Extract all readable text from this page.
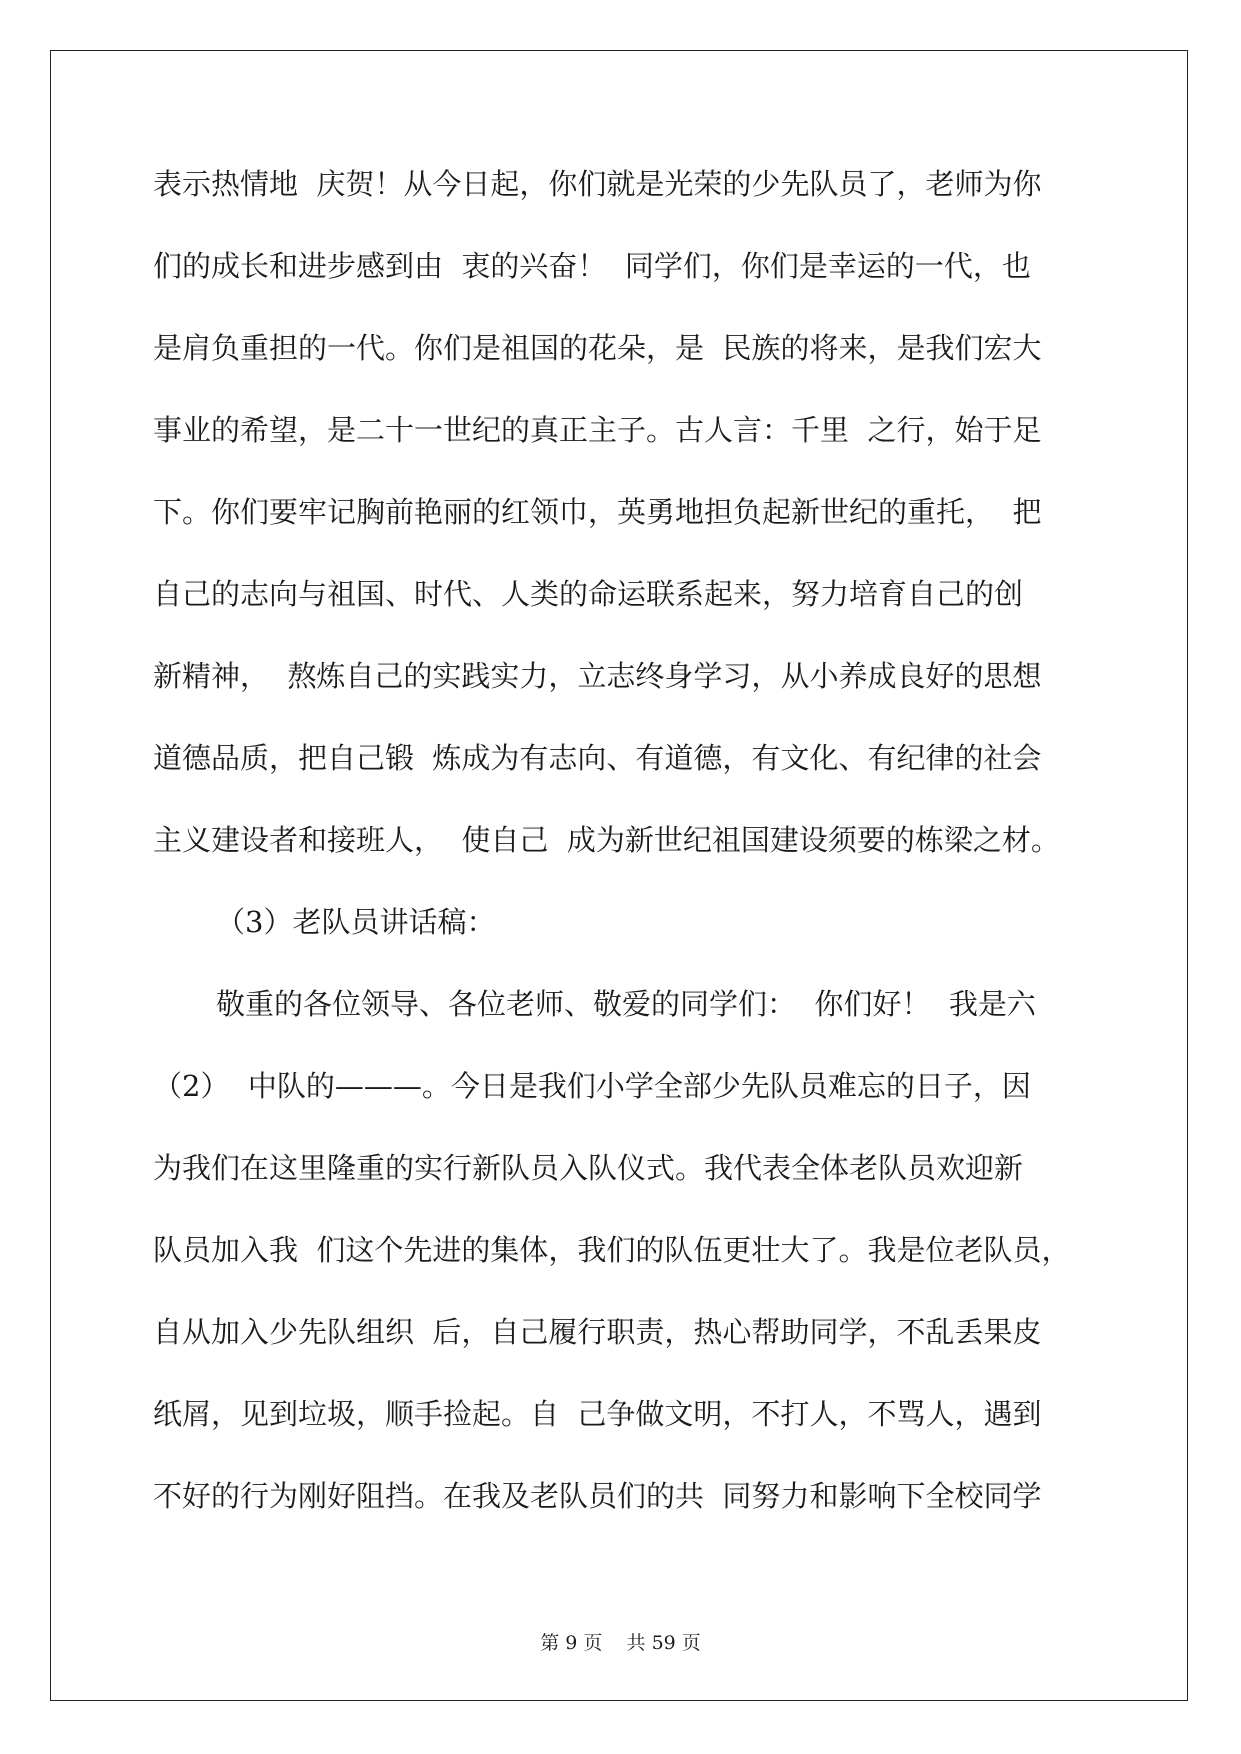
表示热情地  庆贺！从今日起，你们就是光荣的少先队员了，老师为你
们的成长和进步感到由  衷的兴奋！  同学们，你们是幸运的一代，也
是肩负重担的一代。你们是祖国的花朵，是  民族的将来，是我们宏大
事业的希望，是二十一世纪的真正主子。古人言：千里  之行，始于足
下。你们要牢记胸前艳丽的红领巾，英勇地担负起新世纪的重托，  把
自己的志向与祖国、时代、人类的命运联系起来，努力培育自己的创
新精神，  熬炼自己的实践实力，立志终身学习，从小养成良好的思想
道德品质，把自己锻  炼成为有志向、有道德，有文化、有纪律的社会
主义建设者和接班人，  使自己  成为新世纪祖国建设须要的栋梁之材。
（3）老队员讲话稿：
敬重的各位领导、各位老师、敬爱的同学们：  你们好！  我是六
（2）  中队的———。今日是我们小学全部少先队员难忘的日子，因
为我们在这里隆重的实行新队员入队仪式。我代表全体老队员欢迎新
队员加入我  们这个先进的集体，我们的队伍更壮大了。我是位老队员，
自从加入少先队组织  后，自己履行职责，热心帮助同学，不乱丢果皮
纸屑，见到垃圾，顺手捡起。自  己争做文明，不打人，不骂人，遇到
不好的行为刚好阻挡。在我及老队员们的共  同努力和影响下全校同学
第 9 页    共 59 页
